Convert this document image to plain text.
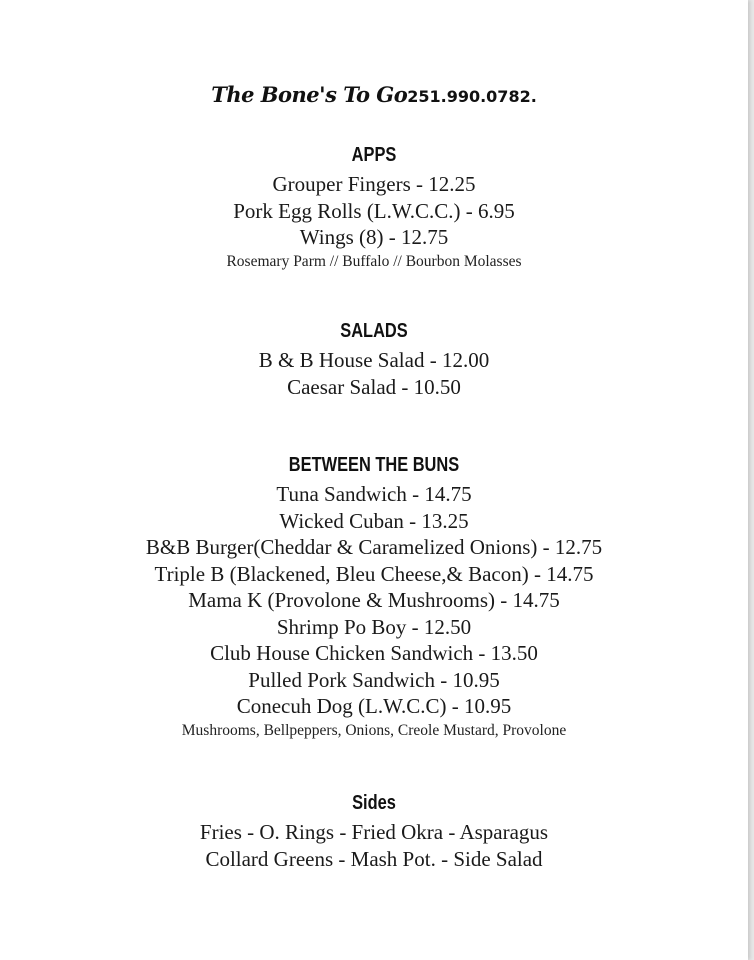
The Bone's To Go251.990.0782.
APPS
Grouper Fingers - 12.25
Pork Egg Rolls (L.W.C.C.) - 6.95
Wings (8) - 12.75
Rosemary Parm // Buffalo // Bourbon Molasses
SALADS
B & B House Salad - 12.00
Caesar Salad - 10.50
BETWEEN THE BUNS
Tuna Sandwich - 14.75
Wicked Cuban - 13.25
B&B Burger(Cheddar & Caramelized Onions) - 12.75
Triple B (Blackened, Bleu Cheese,& Bacon) - 14.75
Mama K (Provolone & Mushrooms) - 14.75
Shrimp Po Boy - 12.50
Club House Chicken Sandwich - 13.50
Pulled Pork Sandwich - 10.95
Conecuh Dog (L.W.C.C) - 10.95
Mushrooms, Bellpeppers, Onions, Creole Mustard, Provolone
Sides
Fries - O. Rings - Fried Okra - Asparagus
Collard Greens - Mash Pot. - Side Salad
